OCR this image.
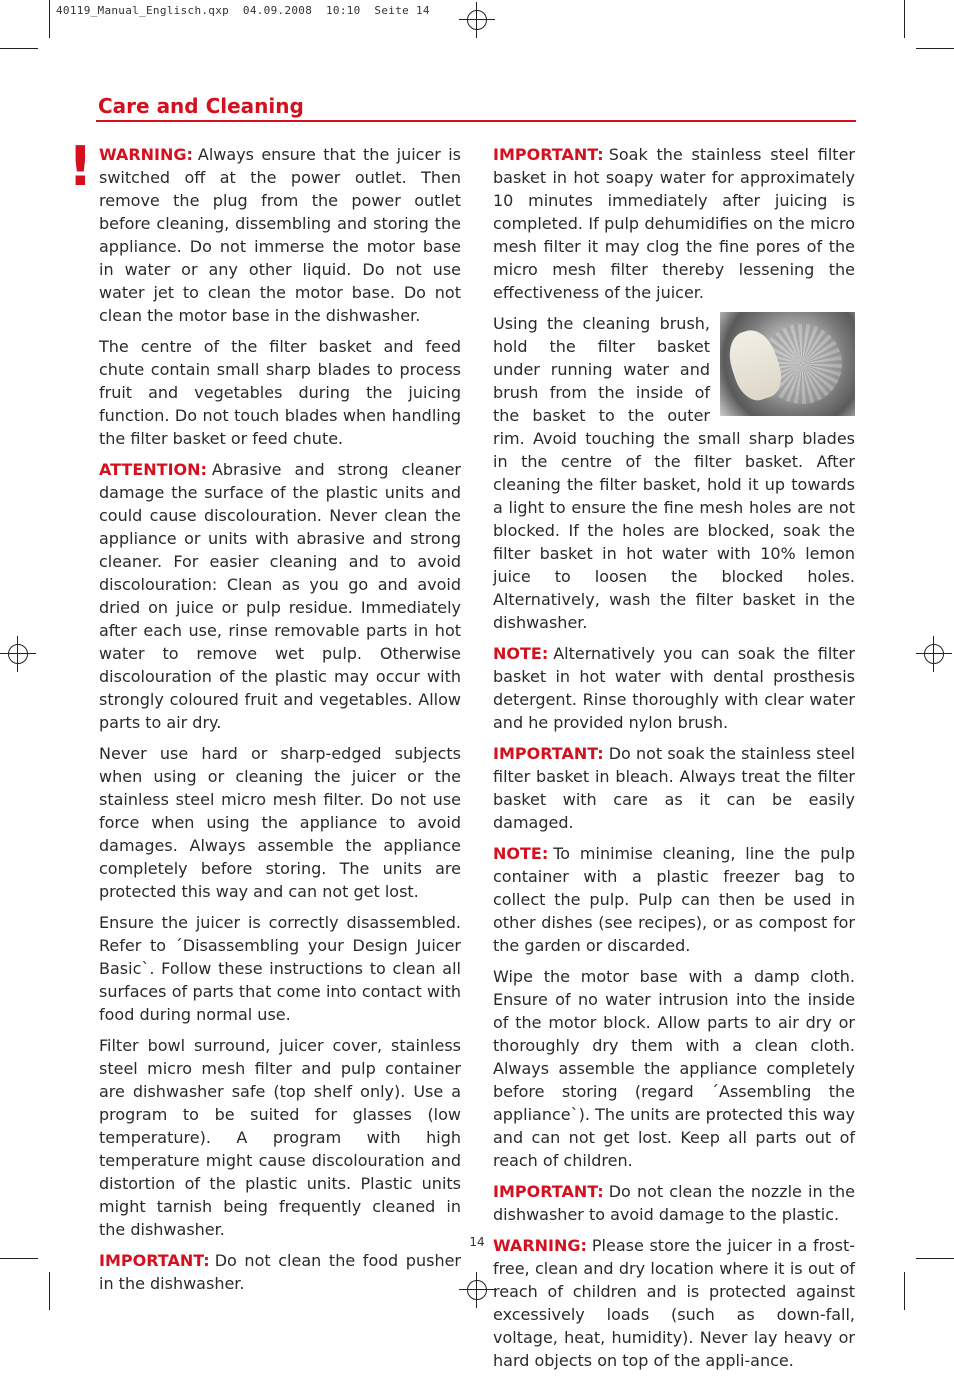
40119_Manual_Englisch.qxp  04.09.2008  10:10  Seite 14
Care and Cleaning
! WARNING: Always ensure that the juicer is switched off at the power outlet. Then remove the plug from the power outlet before cleaning, dissembling and storing the appliance. Do not immerse the motor base in water or any other liquid. Do not use water jet to clean the motor base. Do not clean the motor base in the dishwasher.

The centre of the filter basket and feed chute contain small sharp blades to process fruit and vegetables during the juicing function. Do not touch blades when handling the filter basket or feed chute.

ATTENTION: Abrasive and strong cleaner damage the surface of the plastic units and could cause discolouration. Never clean the appliance or units with abrasive and strong cleaner. For easier cleaning and to avoid discolouration: Clean as you go and avoid dried on juice or pulp residue. Immediately after each use, rinse removable parts in hot water to remove wet pulp. Otherwise discolouration of the plastic may occur with strongly coloured fruit and vegetables. Allow parts to air dry.

Never use hard or sharp-edged subjects when using or cleaning the juicer or the stainless steel micro mesh filter. Do not use force when using the appliance to avoid damages. Always assemble the appliance completely before storing. The units are protected this way and can not get lost.

Ensure the juicer is correctly disassembled. Refer to ´Disassembling your Design Juicer Basic`. Follow these instructions to clean all surfaces of parts that come into contact with food during normal use.

Filter bowl surround, juicer cover, stainless steel micro mesh filter and pulp container are dishwasher safe (top shelf only). Use a program to be suited for glasses (low temperature). A program with high temperature might cause discolouration and distortion of the plastic units. Plastic units might tarnish being frequently cleaned in the dishwasher.

IMPORTANT: Do not clean the food pusher in the dishwasher.

IMPORTANT: Soak the stainless steel filter basket in hot soapy water for approximately 10 minutes immediately after juicing is completed. If pulp dehumidifies on the micro mesh filter it may clog the fine pores of the micro mesh filter thereby lessening the effectiveness of the juicer.

Using the cleaning brush, hold the filter basket under running water and brush from the inside of the basket to the outer rim. Avoid touching the small sharp blades in the centre of the filter basket. After cleaning the filter basket, hold it up towards a light to ensure the fine mesh holes are not blocked. If the holes are blocked, soak the filter basket in hot water with 10% lemon juice to loosen the blocked holes. Alternatively, wash the filter basket in the dishwasher.

NOTE: Alternatively you can soak the filter basket in hot water with dental prosthesis detergent. Rinse thoroughly with clear water and he provided nylon brush.

IMPORTANT: Do not soak the stainless steel filter basket in bleach. Always treat the filter basket with care as it can be easily damaged.

NOTE: To minimise cleaning, line the pulp container with a plastic freezer bag to collect the pulp. Pulp can then be used in other dishes (see recipes), or as compost for the garden or discarded.

Wipe the motor base with a damp cloth. Ensure of no water intrusion into the inside of the motor block. Allow parts to air dry or thoroughly dry them with a clean cloth. Always assemble the appliance completely before storing (regard ´Assembling the appliance`). The units are protected this way and can not get lost. Keep all parts out of reach of children.

IMPORTANT: Do not clean the nozzle in the dishwasher to avoid damage to the plastic.

WARNING: Please store the juicer in a frost-free, clean and dry location where it is out of reach of children and is protected against excessively loads (such as down-fall, voltage, heat, humidity). Never lay heavy or hard objects on top of the appli-ance.

14
